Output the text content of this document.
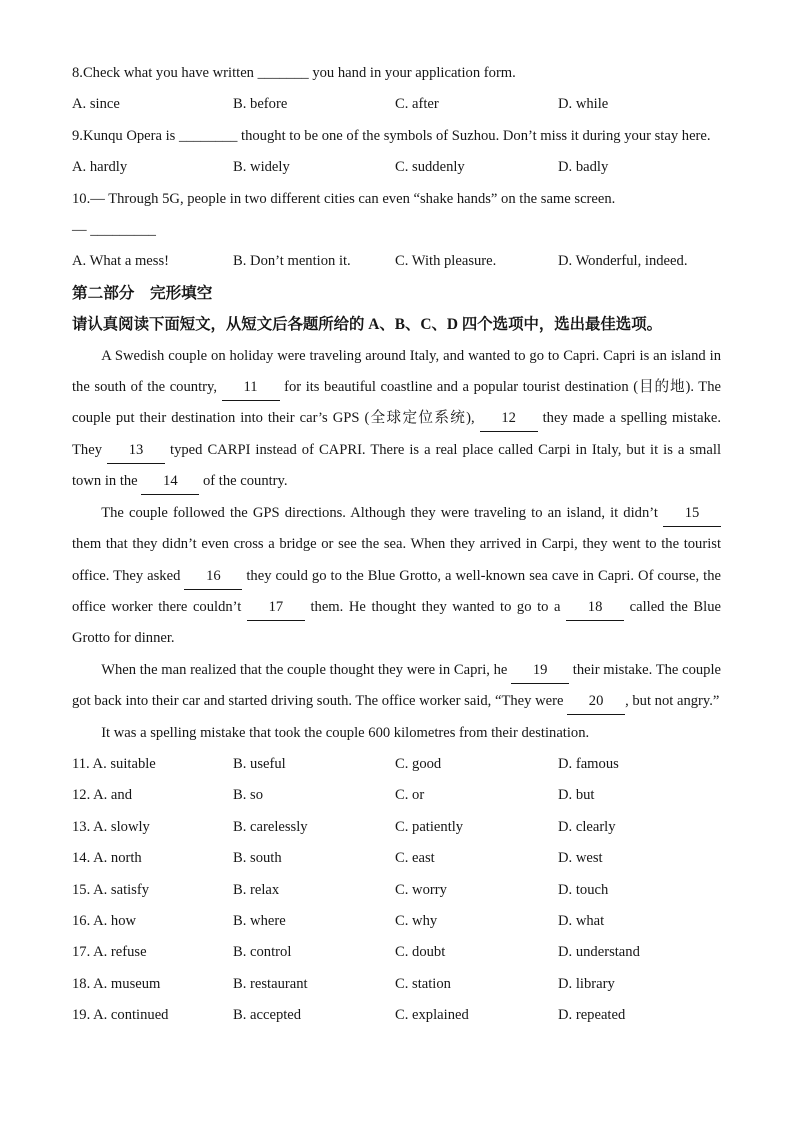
8.Check what you have written _______ you hand in your application form.

A. since	B. before	C. after	D. while

9.Kunqu Opera is ________ thought to be one of the symbols of Suzhou. Don’t miss it during your stay here.

A. hardly	B. widely	C. suddenly	D. badly

10.— Through 5G, people in two different cities can even “shake hands” on the same screen.

— _________

A. What a mess!	B. Don’t mention it.	C. With pleasure.	D. Wonderful, indeed.
第二部分　完形填空

请认真阅读下面短文，从短文后各题所给的 A、B、C、D 四个选项中，选出最佳选项。

A Swedish couple on holiday were traveling around Italy, and wanted to go to Capri. Capri is an island in the south of the country, 11 for its beautiful coastline and a popular tourist destination (目的地). The couple put their destination into their car’s GPS (全球定位系统), 12 they made a spelling mistake. They 13 typed CARPI instead of CAPRI. There is a real place called Carpi in Italy, but it is a small town in the 14 of the country.

The couple followed the GPS directions. Although they were traveling to an island, it didn’t 15 them that they didn’t even cross a bridge or see the sea. When they arrived in Carpi, they went to the tourist office. They asked 16 they could go to the Blue Grotto, a well-known sea cave in Capri. Of course, the office worker there couldn’t 17 them. He thought they wanted to go to a 18 called the Blue Grotto for dinner.

When the man realized that the couple thought they were in Capri, he 19 their mistake. The couple got back into their car and started driving south. The office worker said, “They were 20 , but not angry.”

It was a spelling mistake that took the couple 600 kilometres from their destination.

11. A. suitable	B. useful	C. good	D. famous
12. A. and	B. so	C. or	D. but
13. A. slowly	B. carelessly	C. patiently	D. clearly
14. A. north	B. south	C. east	D. west
15. A. satisfy	B. relax	C. worry	D. touch
16. A. how	B. where	C. why	D. what
17. A. refuse	B. control	C. doubt	D. understand
18. A. museum	B. restaurant	C. station	D. library
19. A. continued	B. accepted	C. explained	D. repeated
